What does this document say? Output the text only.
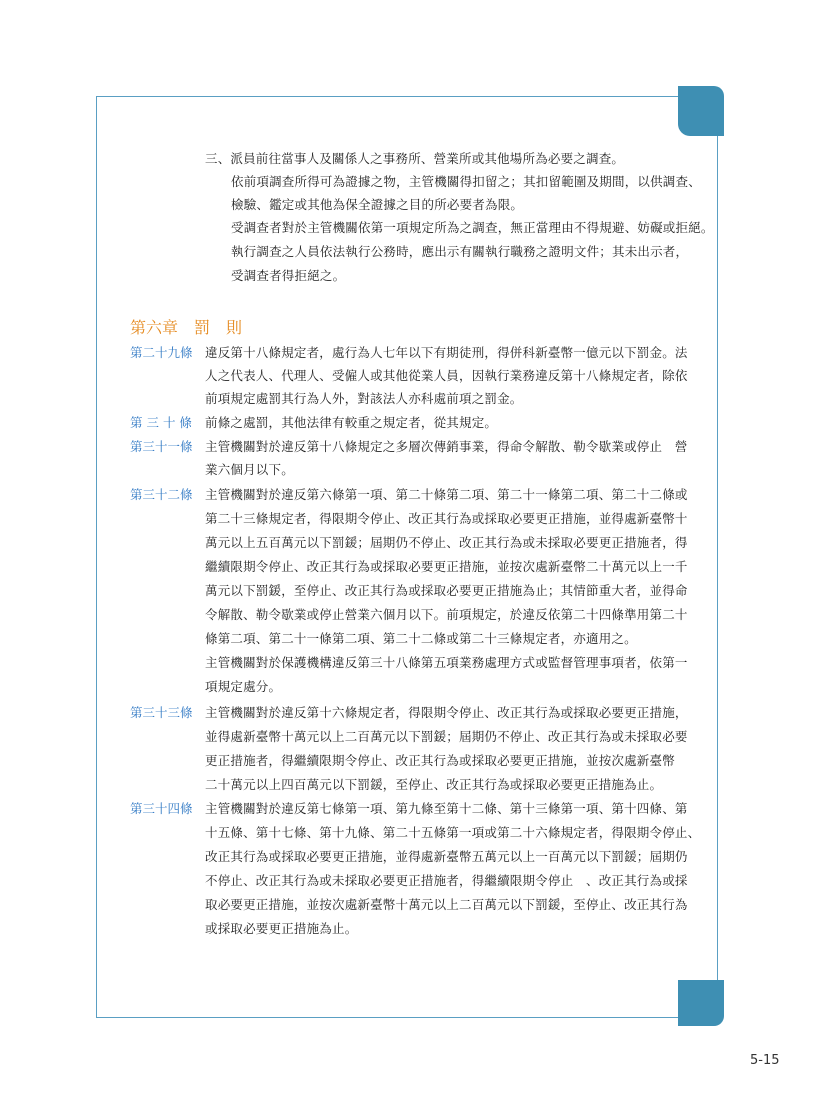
三、派員前往當事人及關係人之事務所、營業所或其他場所為必要之調查。
依前項調查所得可為證據之物，主管機關得扣留之；其扣留範圍及期間，以供調查、
檢驗、鑑定或其他為保全證據之目的所必要者為限。
受調查者對於主管機關依第一項規定所為之調查，無正當理由不得規避、妨礙或拒絕。
執行調查之人員依法執行公務時，應出示有關執行職務之證明文件；其未出示者，
受調查者得拒絕之。
第六章　罰　則
第二十九條 違反第十八條規定者，處行為人七年以下有期徒刑，得併科新臺幣一億元以下罰金。法
人之代表人、代理人、受僱人或其他從業人員，因執行業務違反第十八條規定者，除依
前項規定處罰其行為人外，對該法人亦科處前項之罰金。
第 三 十 條 前條之處罰，其他法律有較重之規定者，從其規定。
第三十一條 主管機關對於違反第十八條規定之多層次傳銷事業，得命令解散、勒令歇業或停止　營
業六個月以下。
第三十二條 主管機關對於違反第六條第一項、第二十條第二項、第二十一條第二項、第二十二條或
第二十三條規定者，得限期令停止、改正其行為或採取必要更正措施，並得處新臺幣十
萬元以上五百萬元以下罰鍰；屆期仍不停止、改正其行為或未採取必要更正措施者，得
繼續限期令停止、改正其行為或採取必要更正措施，並按次處新臺幣二十萬元以上一千
萬元以下罰鍰，至停止、改正其行為或採取必要更正措施為止；其情節重大者，並得命
令解散、勒令歇業或停止營業六個月以下。前項規定，於違反依第二十四條準用第二十
條第二項、第二十一條第二項、第二十二條或第二十三條規定者，亦適用之。
主管機關對於保護機構違反第三十八條第五項業務處理方式或監督管理事項者，依第一
項規定處分。
第三十三條 主管機關對於違反第十六條規定者，得限期令停止、改正其行為或採取必要更正措施，
並得處新臺幣十萬元以上二百萬元以下罰鍰；屆期仍不停止、改正其行為或未採取必要
更正措施者，得繼續限期令停止、改正其行為或採取必要更正措施，並按次處新臺幣
二十萬元以上四百萬元以下罰鍰，至停止、改正其行為或採取必要更正措施為止。
第三十四條 主管機關對於違反第七條第一項、第九條至第十二條、第十三條第一項、第十四條、第
十五條、第十七條、第十九條、第二十五條第一項或第二十六條規定者，得限期令停止、
改正其行為或採取必要更正措施，並得處新臺幣五萬元以上一百萬元以下罰鍰；屆期仍
不停止、改正其行為或未採取必要更正措施者，得繼續限期令停止　、改正其行為或採
取必要更正措施，並按次處新臺幣十萬元以上二百萬元以下罰鍰，至停止、改正其行為
或採取必要更正措施為止。
5-15
